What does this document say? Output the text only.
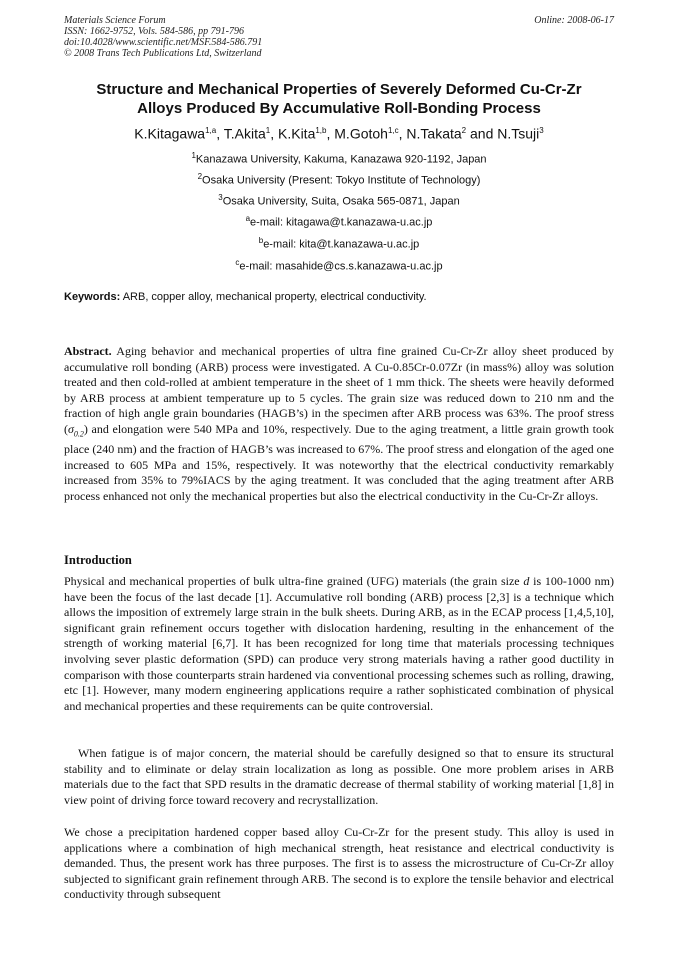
Materials Science Forum
ISSN: 1662-9752, Vols. 584-586, pp 791-796
doi:10.4028/www.scientific.net/MSF.584-586.791
© 2008 Trans Tech Publications Ltd, Switzerland
Online: 2008-06-17
Structure and Mechanical Properties of Severely Deformed Cu-Cr-Zr
Alloys Produced By Accumulative Roll-Bonding Process
K.Kitagawa$^{1,a}$, T.Akita$^1$, K.Kita$^{1,b}$, M.Gotoh$^{1,c}$, N.Takata$^2$ and N.Tsuji$^3$
$^1$Kanazawa University, Kakuma, Kanazawa 920-1192, Japan
$^2$Osaka University (Present: Tokyo Institute of Technology)
$^3$Osaka University, Suita, Osaka 565-0871, Japan
$^a$e-mail: kitagawa@t.kanazawa-u.ac.jp
$^b$e-mail: kita@t.kanazawa-u.ac.jp
$^c$e-mail: masahide@cs.s.kanazawa-u.ac.jp
Keywords: ARB, copper alloy, mechanical property, electrical conductivity.
Abstract. Aging behavior and mechanical properties of ultra fine grained Cu-Cr-Zr alloy sheet produced by accumulative roll bonding (ARB) process were investigated. A Cu-0.85Cr-0.07Zr (in mass%) alloy was solution treated and then cold-rolled at ambient temperature in the sheet of 1 mm thick. The sheets were heavily deformed by ARB process at ambient temperature up to 5 cycles. The grain size was reduced down to 210 nm and the fraction of high angle grain boundaries (HAGB’s) in the specimen after ARB process was 63%. The proof stress $(\sigma_{0.2})$ and elongation were 540 MPa and 10%, respectively. Due to the aging treatment, a little grain growth took place (240 nm) and the fraction of HAGB’s was increased to 67%. The proof stress and elongation of the aged one increased to 605 MPa and 15%, respectively. It was noteworthy that the electrical conductivity remarkably increased from 35% to 79%IACS by the aging treatment. It was concluded that the aging treatment after ARB process enhanced not only the mechanical properties but also the electrical conductivity in the Cu-Cr-Zr alloys.
Introduction
Physical and mechanical properties of bulk ultra-fine grained (UFG) materials (the grain size d is 100-1000 nm) have been the focus of the last decade [1]. Accumulative roll bonding (ARB) process [2,3] is a technique which allows the imposition of extremely large strain in the bulk sheets. During ARB, as in the ECAP process [1,4,5,10], significant grain refinement occurs together with dislocation hardening, resulting in the enhancement of the strength of working material [6,7]. It has been recognized for long time that materials processing techniques involving sever plastic deformation (SPD) can produce very strong materials having a rather good ductility in comparison with those counterparts strain hardened via conventional processing schemes such as rolling, drawing, etc [1]. However, many modern engineering applications require a rather sophisticated combination of physical and mechanical properties and these requirements can be quite controversial.
When fatigue is of major concern, the material should be carefully designed so that to ensure its structural stability and to eliminate or delay strain localization as long as possible. One more problem arises in ARB materials due to the fact that SPD results in the dramatic decrease of thermal stability of working material [1,8] in view point of driving force toward recovery and recrystallization.
We chose a precipitation hardened copper based alloy Cu-Cr-Zr for the present study. This alloy is used in applications where a combination of high mechanical strength, heat resistance and electrical conductivity is demanded. Thus, the present work has three purposes. The first is to assess the microstructure of Cu-Cr-Zr alloy subjected to significant grain refinement through ARB. The second is to explore the tensile behavior and electrical conductivity through subsequent
